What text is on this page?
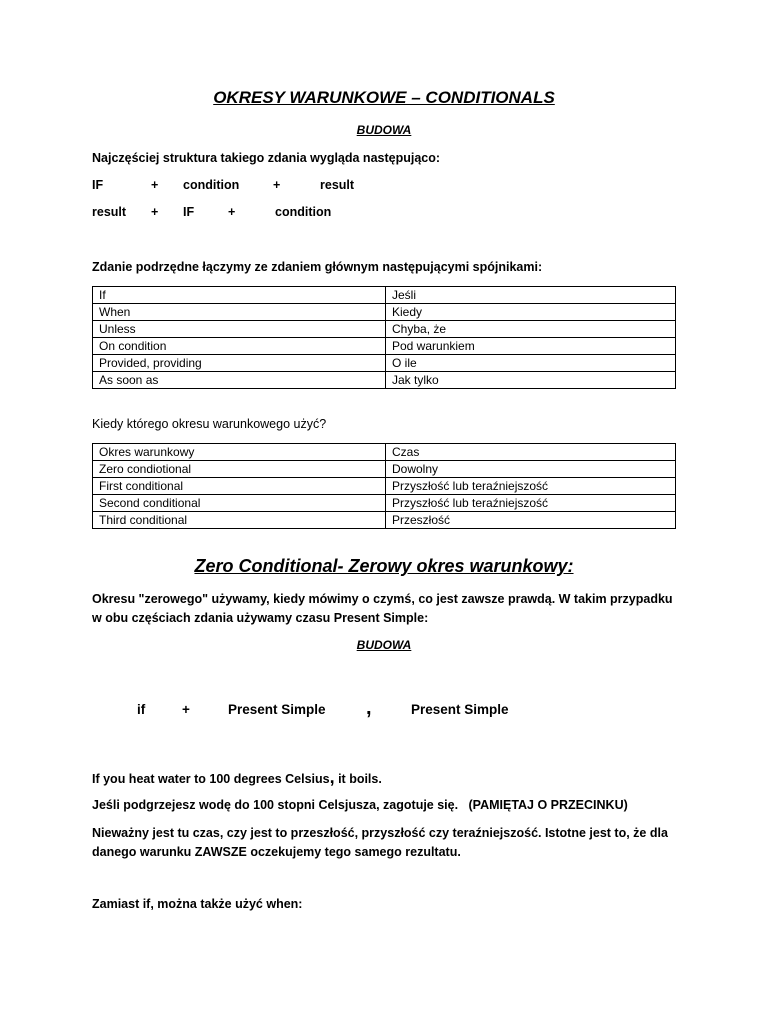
OKRESY WARUNKOWE – CONDITIONALS
BUDOWA
Najczęściej struktura takiego zdania wygląda następująco:
IF	+ condition	+	result
result + IF	+	condition
Zdanie podrzędne łączymy ze zdaniem głównym następującymi spójnikami:
If	Jeśli
When	Kiedy
Unless	Chyba, że
On condition	Pod warunkiem
Provided, providing	O ile
As soon as	Jak tylko
Kiedy którego okresu warunkowego użyć?
Okres warunkowy	Czas
Zero condiotional	Dowolny
First conditional	Przyszłość lub teraźniejszość
Second conditional	Przyszłość lub teraźniejszość
Third conditional	Przeszłość
Zero Conditional- Zerowy okres warunkowy:
Okresu "zerowego" używamy, kiedy mówimy o czymś, co jest zawsze prawdą. W takim przypadku w obu częściach zdania używamy czasu Present Simple:
BUDOWA
if	+	Present Simple ,	Present Simple
If you heat water to 100 degrees Celsius, it boils.
Jeśli podgrzejesz wodę do 100 stopni Celsjusza, zagotuje się. (PAMIĘTAJ O PRZECINKU)
Nieważny jest tu czas, czy jest to przeszłość, przyszłość czy teraźniejszość. Istotne jest to, że dla danego warunku ZAWSZE oczekujemy tego samego rezultatu.
Zamiast if, można także użyć when:
